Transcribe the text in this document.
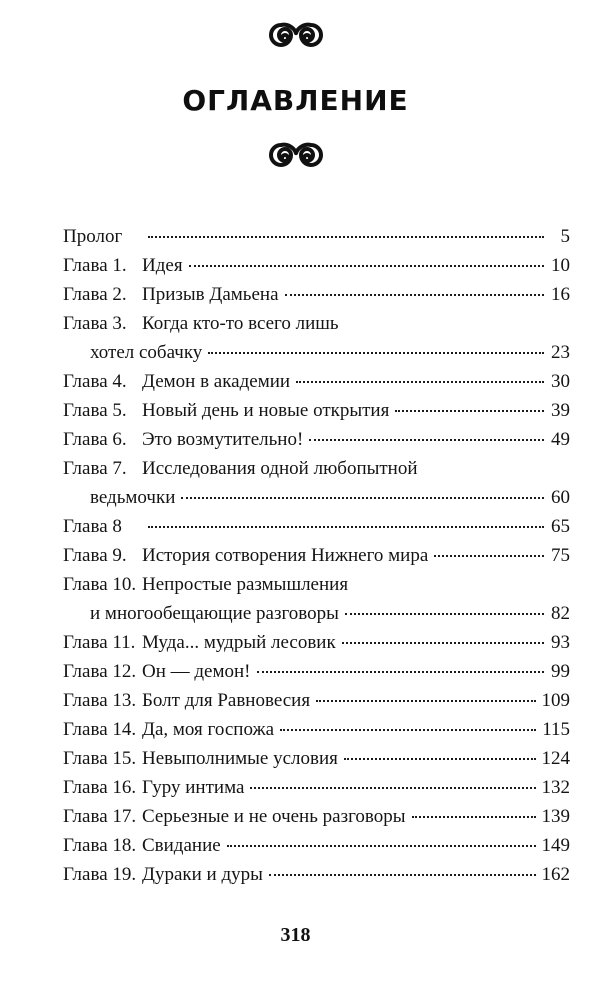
ОГЛАВЛЕНИЕ
Пролог	5
Глава 1. Идея	10
Глава 2. Призыв Дамьена	16
Глава 3. Когда кто-то всего лишь
хотел собачку	23
Глава 4. Демон в академии	30
Глава 5. Новый день и новые открытия	39
Глава 6. Это возмутительно!	49
Глава 7. Исследования одной любопытной
ведьмочки	60
Глава 8	65
Глава 9. История сотворения Нижнего мира	75
Глава 10. Непростые размышления
и многообещающие разговоры	82
Глава 11. Муда... мудрый лесовик	93
Глава 12. Он — демон!	99
Глава 13. Болт для Равновесия	109
Глава 14. Да, моя госпожа	115
Глава 15. Невыполнимые условия	124
Глава 16. Гуру интима	132
Глава 17. Серьезные и не очень разговоры	139
Глава 18. Свидание	149
Глава 19. Дураки и дуры	162
318
